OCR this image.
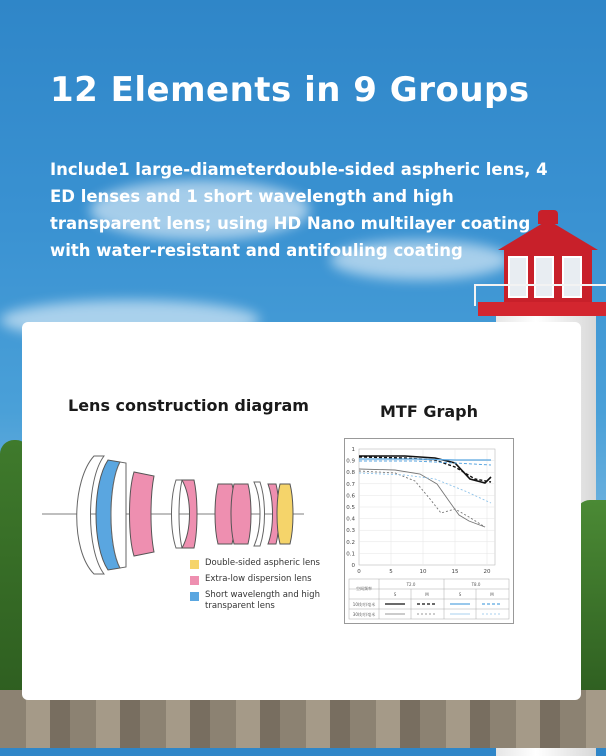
12 Elements in 9 Groups

Include1 large-diameterdouble-sided aspheric lens, 4 ED lenses and 1 short wavelength and high transparent lens; using HD Nano multilayer coating with water-resistant and antifouling coating

Lens construction diagram	MTF Graph
Double-sided aspheric lens
Extra-low dispersion lens
Short wavelength and high transparent lens
1
0.9
0.8
0.7
0.6
0.5
0.4
0.3
0.2
0.1
0
0	5	10	15	20
空间频率
T2.0	T8.0
S	M	S	M
10线对/毫米
30线对/毫米
